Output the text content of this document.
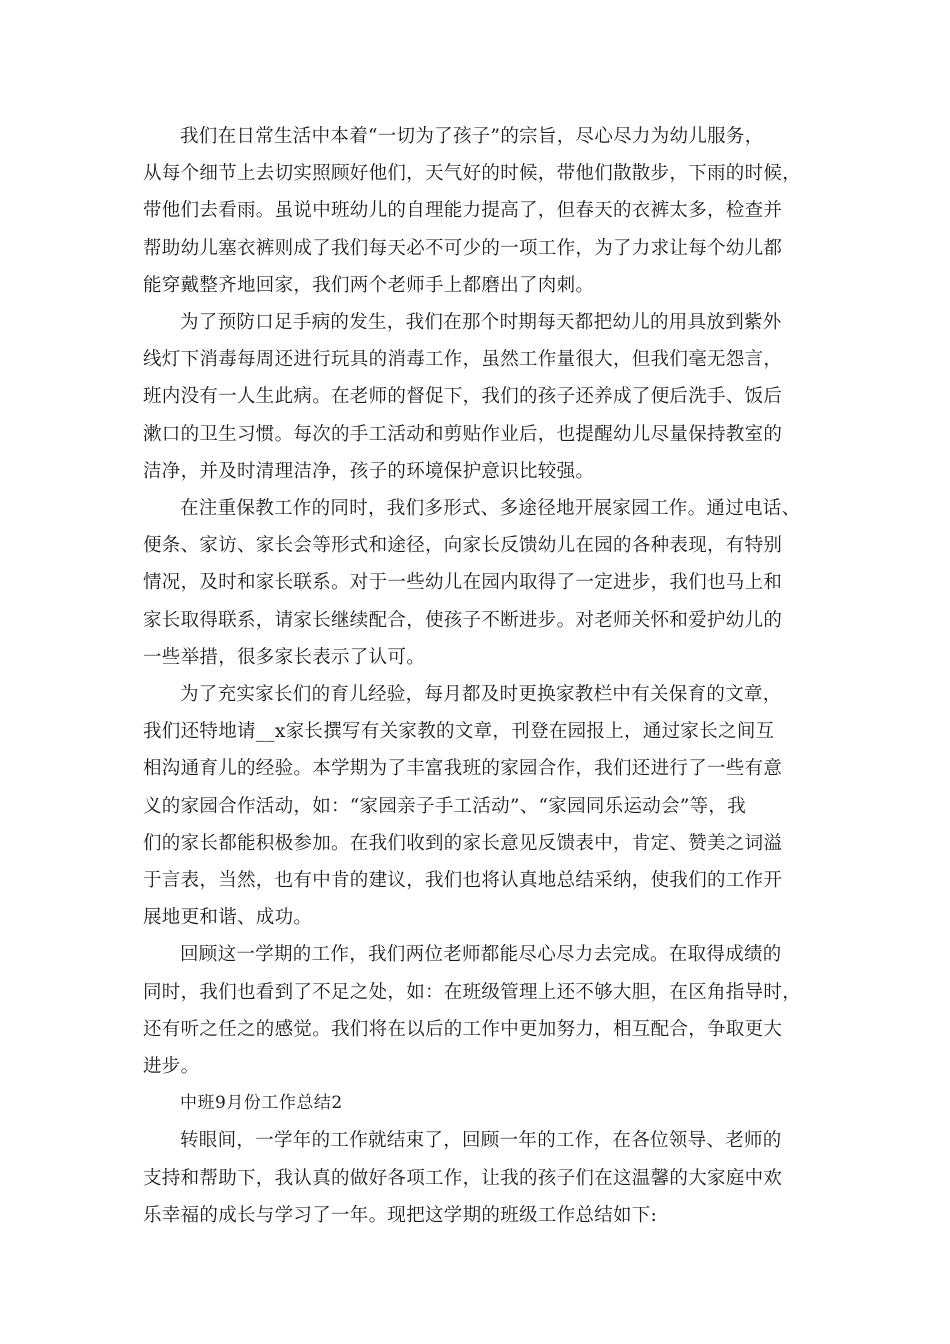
我们在日常生活中本着“一切为了孩子”的宗旨，尽心尽力为幼儿服务，
从每个细节上去切实照顾好他们，天气好的时候，带他们散散步，下雨的时候，
带他们去看雨。虽说中班幼儿的自理能力提高了，但春天的衣裤太多，检查并
帮助幼儿塞衣裤则成了我们每天必不可少的一项工作，为了力求让每个幼儿都
能穿戴整齐地回家，我们两个老师手上都磨出了肉刺。

为了预防口足手病的发生，我们在那个时期每天都把幼儿的用具放到紫外
线灯下消毒每周还进行玩具的消毒工作，虽然工作量很大，但我们毫无怨言，
班内没有一人生此病。在老师的督促下，我们的孩子还养成了便后洗手、饭后
漱口的卫生习惯。每次的手工活动和剪贴作业后，也提醒幼儿尽量保持教室的
洁净，并及时清理洁净，孩子的环境保护意识比较强。

在注重保教工作的同时，我们多形式、多途径地开展家园工作。通过电话、
便条、家访、家长会等形式和途径，向家长反馈幼儿在园的各种表现，有特别
情况，及时和家长联系。对于一些幼儿在园内取得了一定进步，我们也马上和
家长取得联系，请家长继续配合，使孩子不断进步。对老师关怀和爱护幼儿的
一些举措，很多家长表示了认可。

为了充实家长们的育儿经验，每月都及时更换家教栏中有关保育的文章，
我们还特地请__x家长撰写有关家教的文章，刊登在园报上，通过家长之间互
相沟通育儿的经验。本学期为了丰富我班的家园合作，我们还进行了一些有意
义的家园合作活动，如：“家园亲子手工活动”、“家园同乐运动会”等，我
们的家长都能积极参加。在我们收到的家长意见反馈表中，肯定、赞美之词溢
于言表，当然，也有中肯的建议，我们也将认真地总结采纳，使我们的工作开
展地更和谐、成功。

回顾这一学期的工作，我们两位老师都能尽心尽力去完成。在取得成绩的
同时，我们也看到了不足之处，如：在班级管理上还不够大胆，在区角指导时，
还有听之任之的感觉。我们将在以后的工作中更加努力，相互配合，争取更大
进步。

中班9月份工作总结2

转眼间，一学年的工作就结束了，回顾一年的工作，在各位领导、老师的
支持和帮助下，我认真的做好各项工作，让我的孩子们在这温馨的大家庭中欢
乐幸福的成长与学习了一年。现把这学期的班级工作总结如下:
